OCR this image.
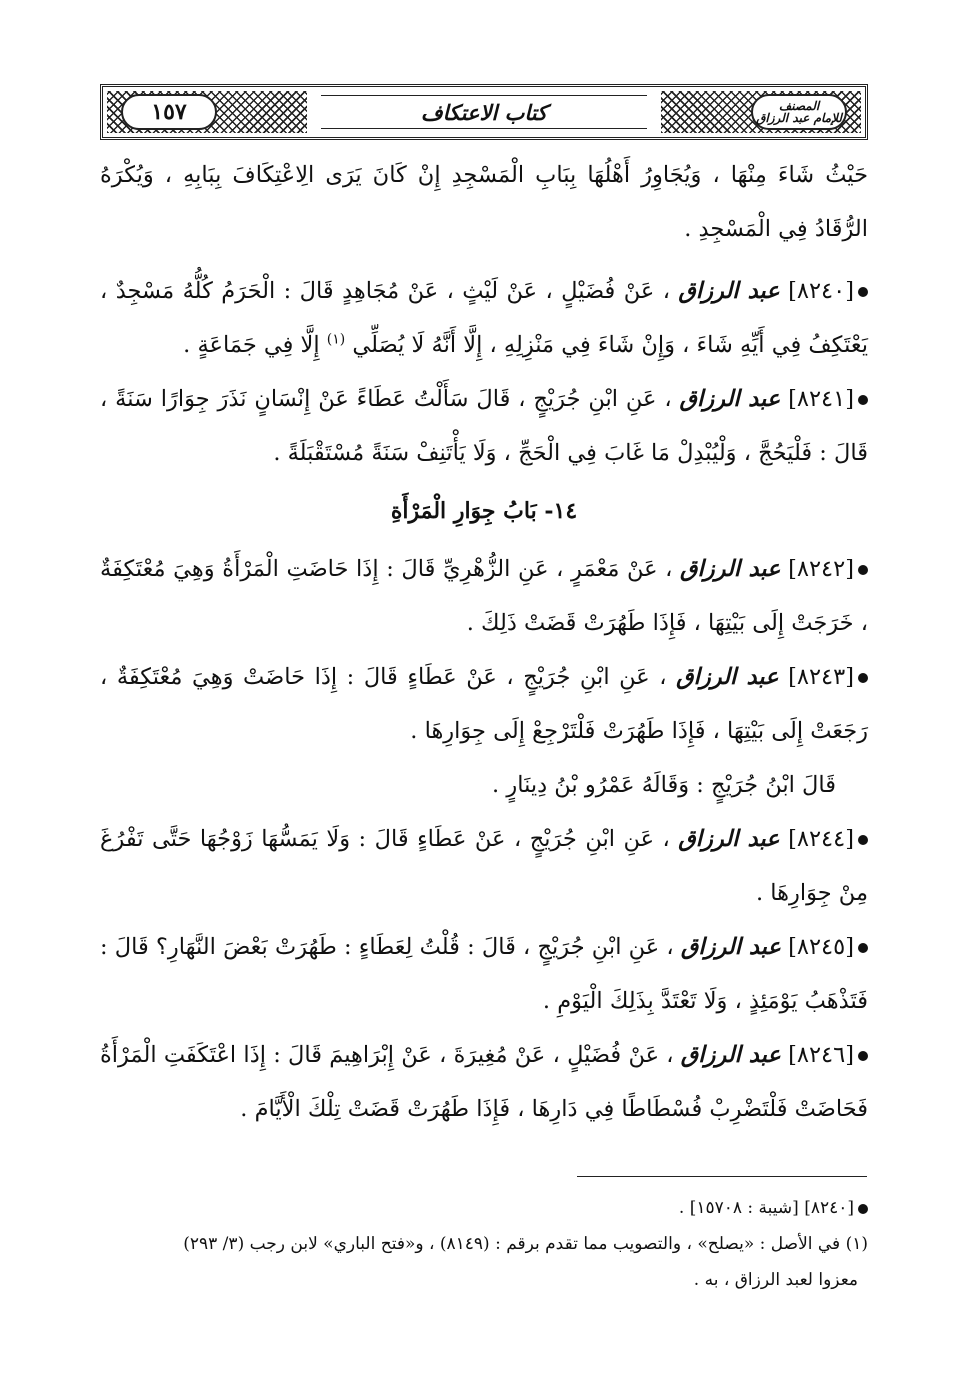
١٥٧	كتاب الاعتكاف	المصنف
للإمام عبد الرزاق

حَيْثُ شَاءَ مِنْهَا ، وَيُجَاوِرُ أَهْلُهَا بِبَابِ الْمَسْجِدِ إِنْ كَانَ يَرَى الِاعْتِكَافَ بِبَابِهِ ، وَيُكْرَهُ الرُّقَادُ فِي الْمَسْجِدِ .

[٨٢٤٠] عبد الرزاق ، عَنْ فُضَيْلٍ ، عَنْ لَيْثٍ ، عَنْ مُجَاهِدٍ قَالَ : الْحَرَمُ كُلُّهُ مَسْجِدٌ ، يَعْتَكِفُ فِي أَيِّهِ شَاءَ ، وَإِنْ شَاءَ فِي مَنْزِلِهِ ، إِلَّا أَنَّهُ لَا يُصَلِّي $^{(١)}$ إِلَّا فِي جَمَاعَةٍ .

[٨٢٤١] عبد الرزاق ، عَنِ ابْنِ جُرَيْجٍ ، قَالَ سَأَلْتُ عَطَاءً عَنْ إِنْسَانٍ نَذَرَ جِوَارًا سَنَةً ، قَالَ : فَلْيَحُجَّ ، وَلْيُبْدِلْ مَا غَابَ فِي الْحَجِّ ، وَلَا يَأْتَنِفْ سَنَةً مُسْتَقْبَلَةً .

١٤- بَابُ جِوَارِ الْمَرْأَةِ

[٨٢٤٢] عبد الرزاق ، عَنْ مَعْمَرٍ ، عَنِ الزُّهْرِيِّ قَالَ : إِذَا حَاضَتِ الْمَرْأَةُ وَهِيَ مُعْتَكِفَةٌ ، خَرَجَتْ إِلَى بَيْتِهَا ، فَإِذَا طَهُرَتْ قَضَتْ ذَلِكَ .

[٨٢٤٣] عبد الرزاق ، عَنِ ابْنِ جُرَيْجٍ ، عَنْ عَطَاءٍ قَالَ : إِذَا حَاضَتْ وَهِيَ مُعْتَكِفَةٌ ، رَجَعَتْ إِلَى بَيْتِهَا ، فَإِذَا طَهُرَتْ فَلْتَرْجِعْ إِلَى جِوَارِهَا .

قَالَ ابْنُ جُرَيْجٍ : وَقَالَهُ عَمْرُو بْنُ دِينَارٍ .

[٨٢٤٤] عبد الرزاق ، عَنِ ابْنِ جُرَيْجٍ ، عَنْ عَطَاءٍ قَالَ : وَلَا يَمَسُّهَا زَوْجُهَا حَتَّى تَفْرُغَ مِنْ جِوَارِهَا .

[٨٢٤٥] عبد الرزاق ، عَنِ ابْنِ جُرَيْجٍ ، قَالَ : قُلْتُ لِعَطَاءٍ : طَهُرَتْ بَعْضَ النَّهَارِ؟ قَالَ : فَتَذْهَبُ يَوْمَئِذٍ ، وَلَا تَعْتَدَّ بِذَلِكَ الْيَوْمِ .

[٨٢٤٦] عبد الرزاق ، عَنْ فُضَيْلٍ ، عَنْ مُغِيرَةَ ، عَنْ إِبْرَاهِيمَ قَالَ : إِذَا اعْتَكَفَتِ الْمَرْأَةُ فَحَاضَتْ فَلْتَضْرِبْ فُسْطَاطًا فِي دَارِهَا ، فَإِذَا طَهُرَتْ قَضَتْ تِلْكَ الْأَيَّامَ .

[٨٢٤٠] [شيبة : ١٥٧٠٨] .

(١) في الأصل : «يصلح» ، والتصويب مما تقدم برقم : (٨١٤٩) ، و«فتح الباري» لابن رجب (٣/ ٢٩٣)

معزوا لعبد الرزاق ، به .
